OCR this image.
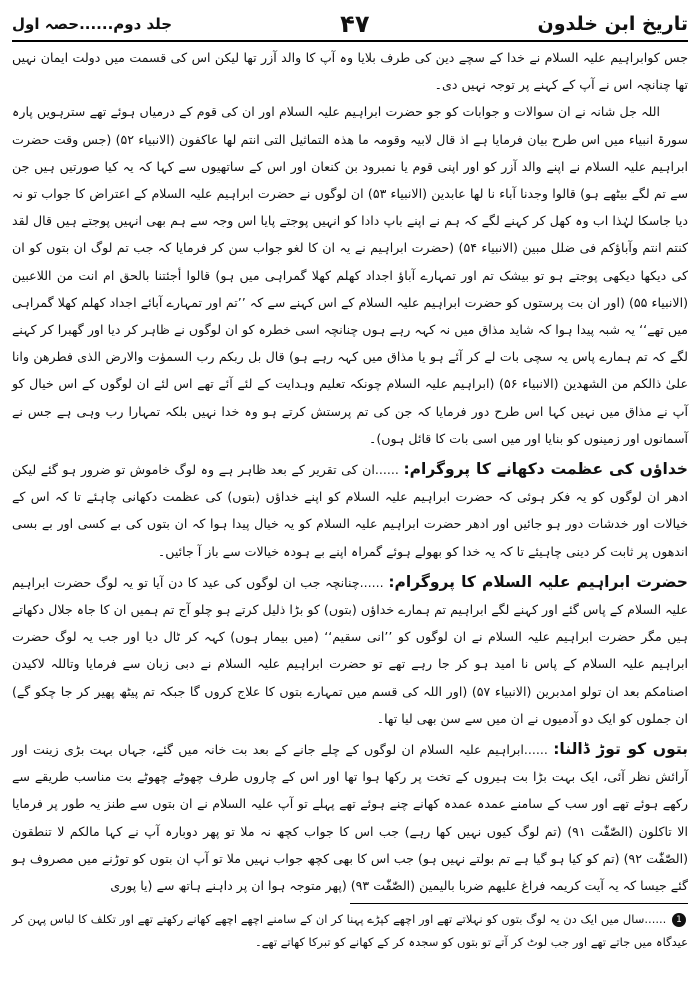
تاریخ ابن خلدون
۴۷
جلد دوم......حصہ اول

جس کوابراہیم علیہ السلام نے خدا کے سچے دین کی طرف بلایا وہ آپ کا والد آزر تھا لیکن اس کی قسمت میں دولت ایمان نہیں تھا چنانچہ اس نے آپ کے کہنے پر توجہ نہیں دی۔

اللہ جل شانہ نے ان سوالات و جوابات کو جو حضرت ابراہیم علیہ السلام اور ان کی قوم کے درمیاں ہوئے تھے سترہویں پارہ سورۃ انبیاء میں اس طرح بیان فرمایا ہے اذ قال لابیہ وقومہ ما ھذہ التماثیل التی انتم لھا عاکفون (الانبیاء ۵۲) (جس وقت حضرت ابراہیم علیہ السلام نے اپنے والد آزر کو اور اپنی قوم یا نمبرود بن کنعان اور اس کے ساتھیوں سے کہا کہ یہ کیا صورتیں ہیں جن سے تم لگے بیٹھے ہو) قالوا وجدنا آباء نا لھا عابدین (الانبیاء ۵۳) ان لوگوں نے حضرت ابراہیم علیہ السلام کے اعتراض کا جواب تو نہ دیا جاسکا لہٰذا اب وہ کھل کر کہنے لگے کہ ہم نے اپنے باپ دادا کو انہیں پوجتے پایا اس وجہ سے ہم بھی انہیں پوجتے ہیں قال لقد کنتم انتم وآباؤکم فی ضلل مبین (الانبیاء ۵۴) (حضرت ابراہیم نے یہ ان کا لغو جواب سن کر فرمایا کہ جب تم لوگ ان بتوں کو ان کی دیکھا دیکھی پوجتے ہو تو بیشک تم اور تمہارے آباؤ اجداد کھلم کھلا گمراہی میں ہو) قالوا أجئتنا بالحق ام انت من اللاعبین (الانبیاء ۵۵) (اور ان بت پرستوں کو حضرت ابراہیم علیہ السلام کے اس کہنے سے کہ ’’تم اور تمہارے آبائے اجداد کھلم کھلا گمراہی میں تھے‘‘ یہ شبہ پیدا ہوا کہ شاید مذاق میں نہ کہہ رہے ہوں چنانچہ اسی خطرہ کو ان لوگوں نے ظاہر کر دیا اور گھبرا کر کہنے لگے کہ تم ہمارے پاس یہ سچی بات لے کر آئے ہو یا مذاق میں کہہ رہے ہو) قال بل ربکم رب السموٰت والارض الذی فطرھن وانا علیٰ ذالکم من الشھدین (الانبیاء ۵۶) (ابراہیم علیہ السلام چونکہ تعلیم وہدایت کے لئے آئے تھے اس لئے ان لوگوں کے اس خیال کو آپ نے مذاق میں نہیں کہا اس طرح دور فرمایا کہ جن کی تم پرستش کرتے ہو وہ خدا نہیں بلکہ تمہارا رب وہی ہے جس نے آسمانوں اور زمینوں کو بنایا اور میں اسی بات کا قائل ہوں)۔

خداؤں کی عظمت دکھانے کا پروگرام: ......ان کی تقریر کے بعد ظاہر ہے وہ لوگ خاموش تو ضرور ہو گئے لیکن ادھر ان لوگوں کو یہ فکر ہوئی کہ حضرت ابراہیم علیہ السلام کو اپنے خداؤں (بتوں) کی عظمت دکھانی چاہئے تا کہ اس کے خیالات اور خدشات دور ہو جائیں اور ادھر حضرت ابراہیم علیہ السلام کو یہ خیال پیدا ہوا کہ ان بتوں کی بے کسی اور بے بسی اندھوں پر ثابت کر دینی چاہیئے تا کہ یہ خدا کو بھولے ہوئے گمراہ اپنے بے ہودہ خیالات سے باز آ جائیں۔

حضرت ابراہیم علیہ السلام کا پروگرام: ......چنانچہ جب ان لوگوں کی عید کا دن آیا تو یہ لوگ حضرت ابراہیم علیہ السلام کے پاس گئے اور کہنے لگے ابراہیم تم ہمارے خداؤں (بتوں) کو بڑا ذلیل کرتے ہو چلو آج تم ہمیں ان کا جاہ جلال دکھاتے ہیں مگر حضرت ابراہیم علیہ السلام نے ان لوگوں کو ’’انی سقیم‘‘ (میں بیمار ہوں) کہہ کر ٹال دیا اور جب یہ لوگ حضرت ابراہیم علیہ السلام کے پاس نا امید ہو کر جا رہے تھے تو حضرت ابراہیم علیہ السلام نے دبی زبان سے فرمایا وتاللہ لاکیدن اصنامکم بعد ان تولو امدبرین (الانبیاء ۵۷) (اور اللہ کی قسم میں تمہارے بتوں کا علاج کروں گا جبکہ تم پیٹھ پھیر کر جا چکو گے) ان جملوں کو ایک دو آدمیوں نے ان میں سے سن بھی لیا تھا۔

بتوں کو توڑ ڈالنا: ......ابراہیم علیہ السلام ان لوگوں کے چلے جانے کے بعد بت خانہ میں گئے، جہاں بہت بڑی زینت اور آرائش نظر آئی، ایک بہت بڑا بت ہیروں کے تخت پر رکھا ہوا تھا اور اس کے چاروں طرف چھوٹے چھوٹے بت مناسب طریقے سے رکھے ہوئے تھے اور سب کے سامنے عمدہ عمدہ کھانے چنے ہوئے تھے پہلے تو آپ علیہ السلام نے ان بتوں سے طنز یہ طور پر فرمایا الا تاکلون (الصّٰفّٰت ۹۱) (تم لوگ کیوں نہیں کھا رہے) جب اس کا جواب کچھ نہ ملا تو پھر دوبارہ آپ نے کہا مالکم لا تنطقون (الصّٰفّٰت ۹۲) (تم کو کیا ہو گیا ہے تم بولتے نہیں ہو) جب اس کا بھی کچھ جواب نہیں ملا تو آپ ان بتوں کو توڑنے میں مصروف ہو گئے جیسا کہ یہ آیت کریمہ فراغ علیھم ضربا بالیمین (الصّٰفّٰت ۹۳) (پھر متوجہ ہوا ان پر داہنے ہاتھ سے (یا پوری

1 ......سال میں ایک دن یہ لوگ بتوں کو نہلاتے تھے اور اچھے کپڑے پہنا کر ان کے سامنے اچھے اچھے کھانے رکھتے تھے اور تکلف کا لباس پہن کر عیدگاہ میں جاتے تھے اور جب لوٹ کر آتے تو بتوں کو سجدہ کر کے کھانے کو تبرکا کھاتے تھے۔
